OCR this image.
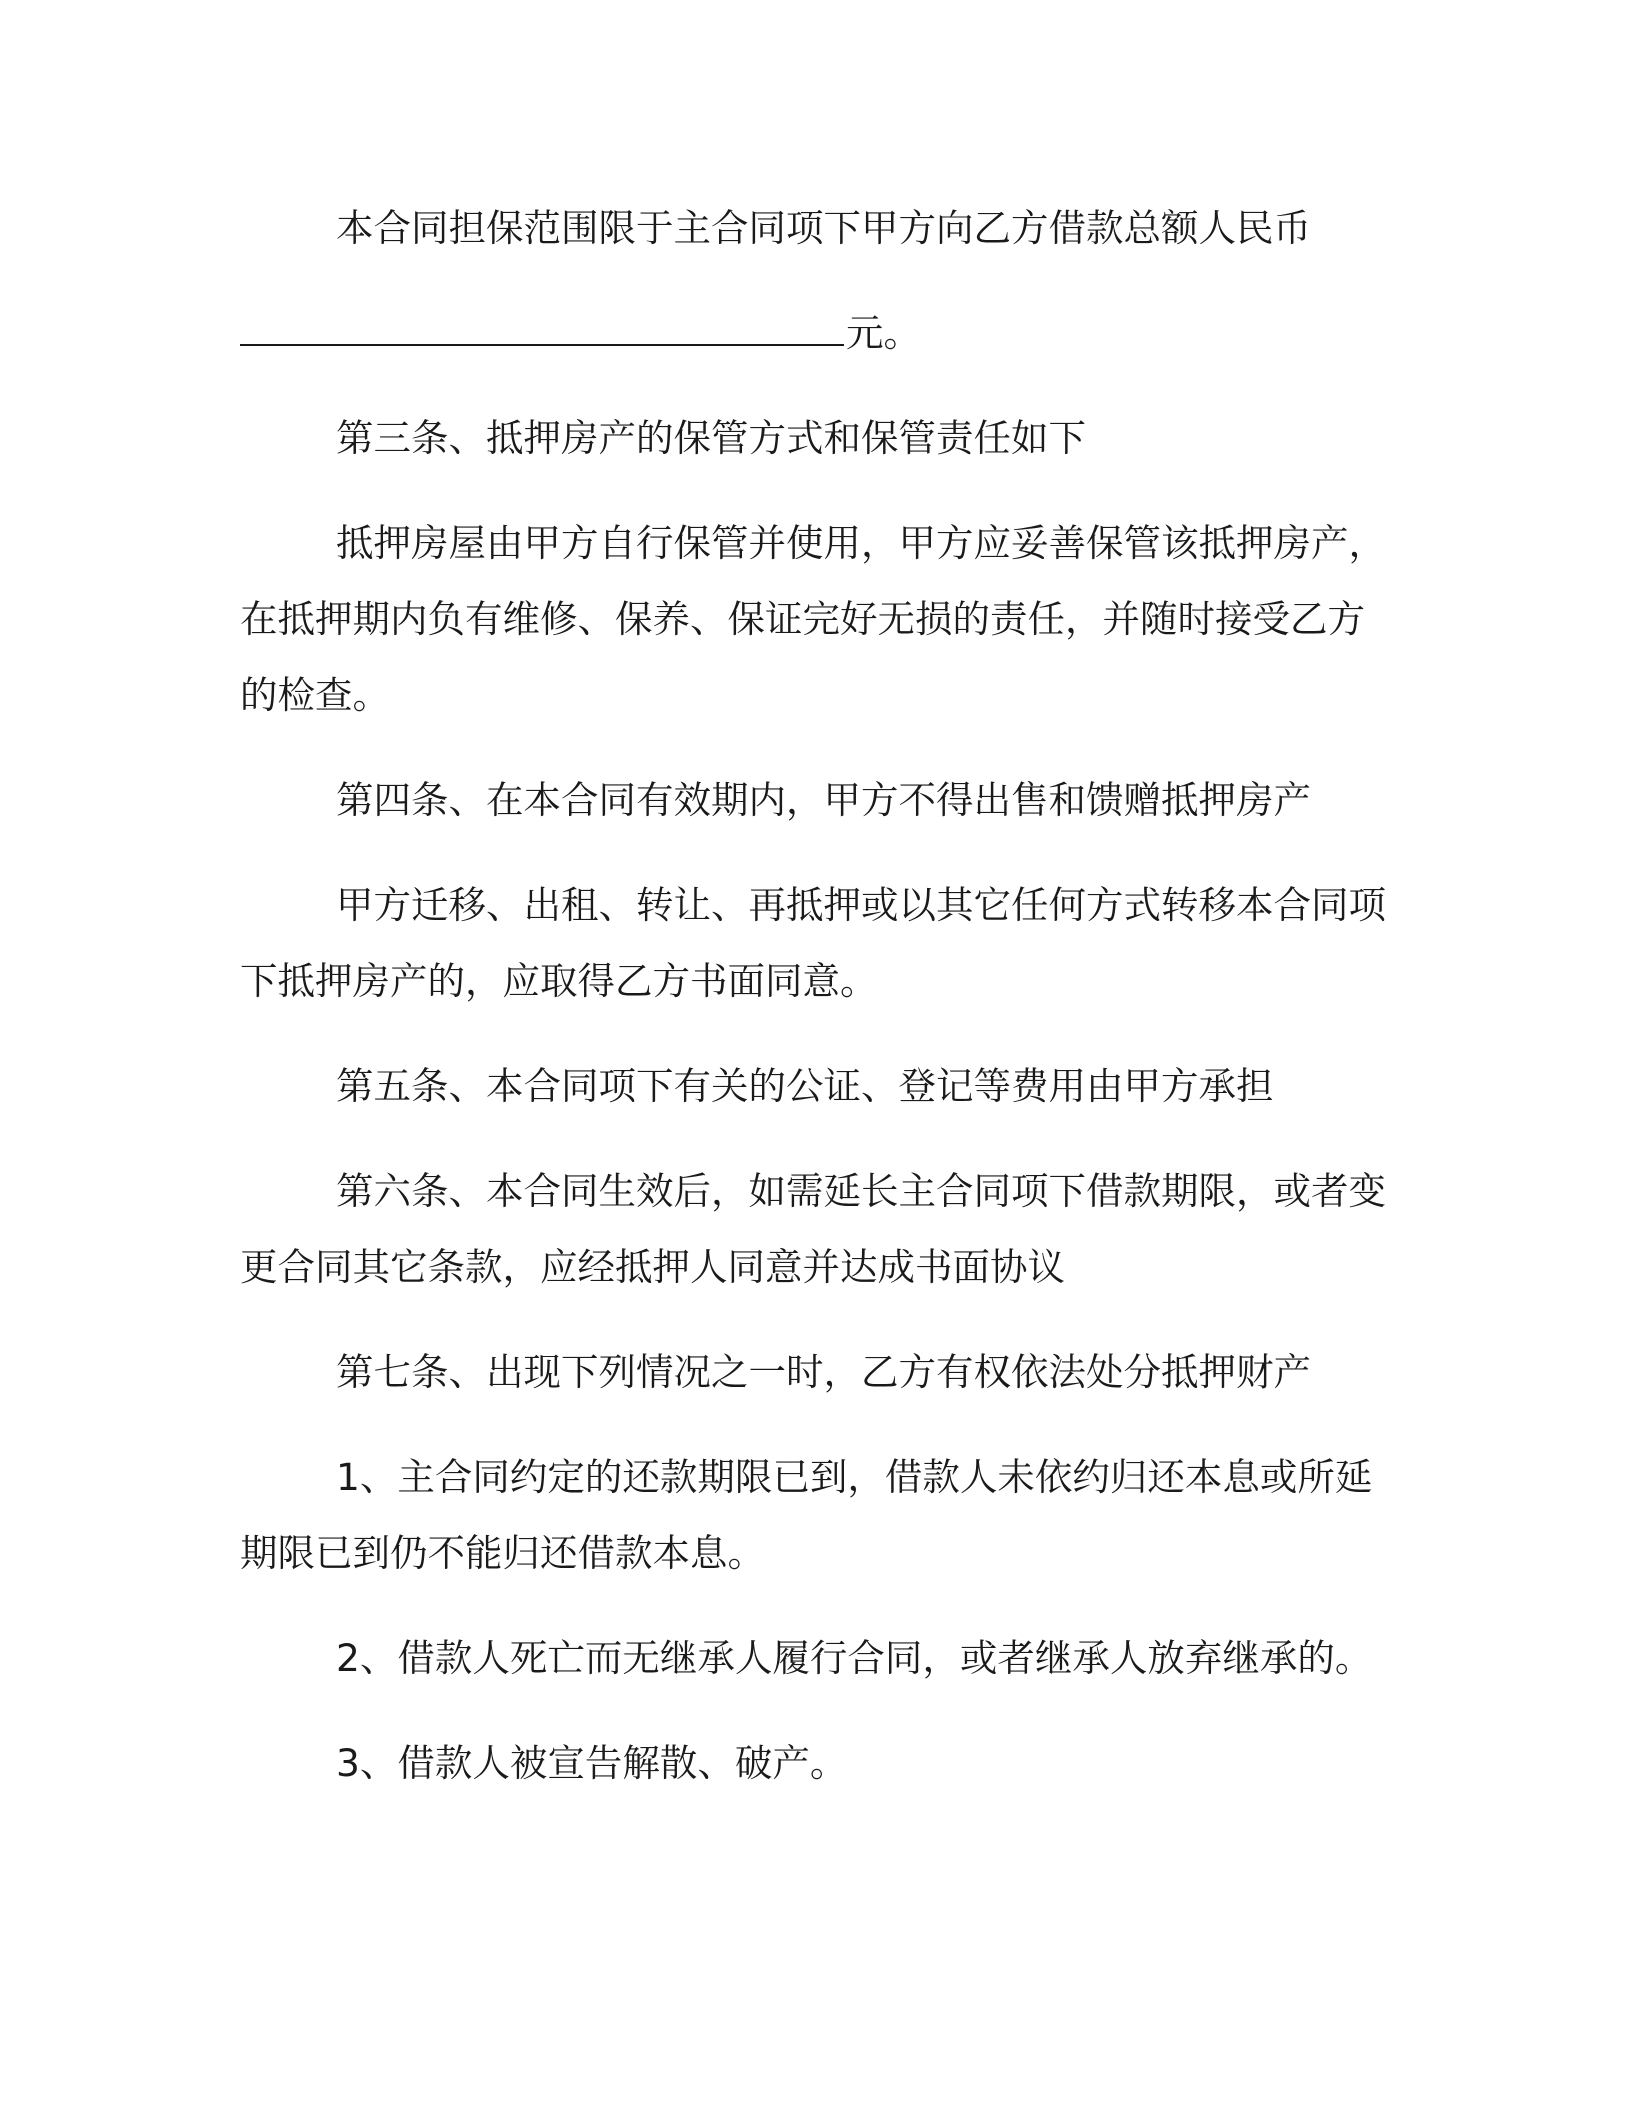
本合同担保范围限于主合同项下甲方向乙方借款总额人民币

元。

第三条、抵押房产的保管方式和保管责任如下

抵押房屋由甲方自行保管并使用，甲方应妥善保管该抵押房产，在抵押期内负有维修、保养、保证完好无损的责任，并随时接受乙方的检查。

第四条、在本合同有效期内，甲方不得出售和馈赠抵押房产

甲方迁移、出租、转让、再抵押或以其它任何方式转移本合同项下抵押房产的，应取得乙方书面同意。

第五条、本合同项下有关的公证、登记等费用由甲方承担

第六条、本合同生效后，如需延长主合同项下借款期限，或者变更合同其它条款，应经抵押人同意并达成书面协议

第七条、出现下列情况之一时，乙方有权依法处分抵押财产

1、主合同约定的还款期限已到，借款人未依约归还本息或所延期限已到仍不能归还借款本息。

2、借款人死亡而无继承人履行合同，或者继承人放弃继承的。

3、借款人被宣告解散、破产。
